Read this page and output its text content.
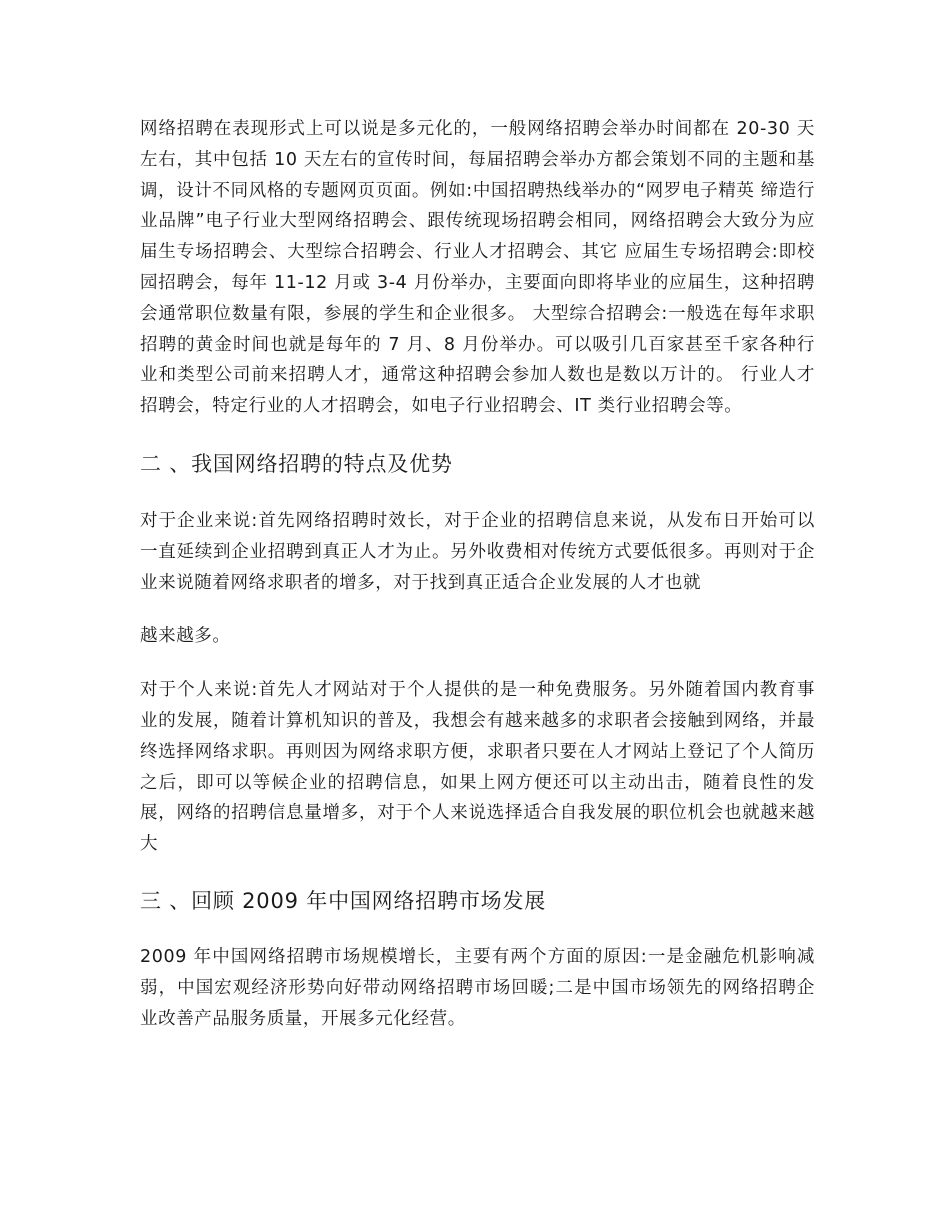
网络招聘在表现形式上可以说是多元化的，一般网络招聘会举办时间都在 20-30 天左右，其中包括 10 天左右的宣传时间，每届招聘会举办方都会策划不同的主题和基调，设计不同风格的专题网页页面。例如:中国招聘热线举办的“网罗电子精英 缔造行业品牌”电子行业大型网络招聘会、跟传统现场招聘会相同，网络招聘会大致分为应届生专场招聘会、大型综合招聘会、行业人才招聘会、其它 应届生专场招聘会:即校园招聘会，每年 11-12 月或 3-4 月份举办，主要面向即将毕业的应届生，这种招聘会通常职位数量有限，参展的学生和企业很多。 大型综合招聘会:一般选在每年求职招聘的黄金时间也就是每年的 7 月、8 月份举办。可以吸引几百家甚至千家各种行业和类型公司前来招聘人才，通常这种招聘会参加人数也是数以万计的。 行业人才招聘会，特定行业的人才招聘会，如电子行业招聘会、IT 类行业招聘会等。

二 、我国网络招聘的特点及优势

对于企业来说:首先网络招聘时效长，对于企业的招聘信息来说，从发布日开始可以一直延续到企业招聘到真正人才为止。另外收费相对传统方式要低很多。再则对于企业来说随着网络求职者的增多，对于找到真正适合企业发展的人才也就

越来越多。

对于个人来说:首先人才网站对于个人提供的是一种免费服务。另外随着国内教育事业的发展，随着计算机知识的普及，我想会有越来越多的求职者会接触到网络，并最终选择网络求职。再则因为网络求职方便，求职者只要在人才网站上登记了个人简历之后，即可以等候企业的招聘信息，如果上网方便还可以主动出击，随着良性的发展，网络的招聘信息量增多，对于个人来说选择适合自我发展的职位机会也就越来越大

三 、回顾 2009 年中国网络招聘市场发展

2009 年中国网络招聘市场规模增长，主要有两个方面的原因:一是金融危机影响减弱，中国宏观经济形势向好带动网络招聘市场回暖;二是中国市场领先的网络招聘企业改善产品服务质量，开展多元化经营。
